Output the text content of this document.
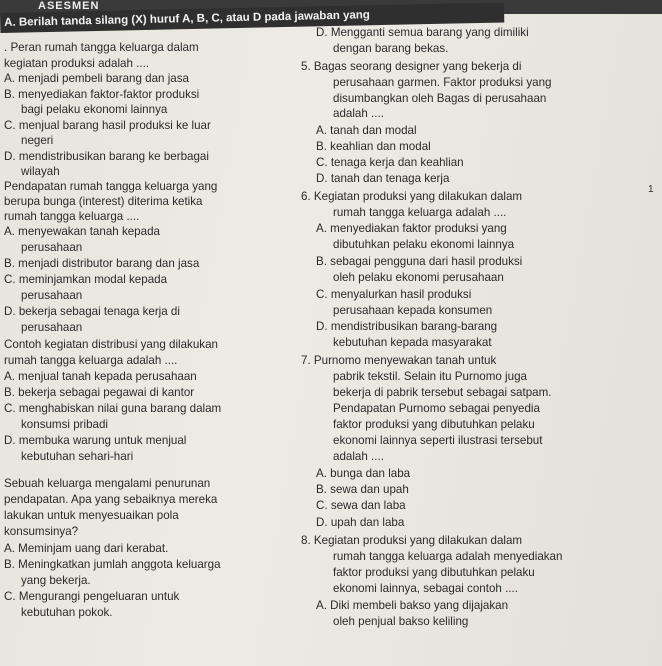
ASESMEN
A. Berilah tanda silang (X) huruf A, B, C, atau D pada jawaban yang
. Peran rumah tangga keluarga dalam
kegiatan produksi adalah ....
A. menjadi pembeli barang dan jasa
B. menyediakan faktor-faktor produksi
bagi pelaku ekonomi lainnya
C. menjual barang hasil produksi ke luar
negeri
D. mendistribusikan barang ke berbagai
wilayah
Pendapatan rumah tangga keluarga yang
berupa bunga (interest) diterima ketika
rumah tangga keluarga ....
A. menyewakan tanah kepada
perusahaan
B. menjadi distributor barang dan jasa
C. meminjamkan modal kepada
perusahaan
D. bekerja sebagai tenaga kerja di
perusahaan
Contoh kegiatan distribusi yang dilakukan
rumah tangga keluarga adalah ....
A. menjual tanah kepada perusahaan
B. bekerja sebagai pegawai di kantor
C. menghabiskan nilai guna barang dalam
konsumsi pribadi
D. membuka warung untuk menjual
kebutuhan sehari-hari
Sebuah keluarga mengalami penurunan
pendapatan. Apa yang sebaiknya mereka
lakukan untuk menyesuaikan pola
konsumsinya?
A. Meminjam uang dari kerabat.
B. Meningkatkan jumlah anggota keluarga
yang bekerja.
C. Mengurangi pengeluaran untuk
kebutuhan pokok.
D. Mengganti semua barang yang dimiliki
dengan barang bekas.
5. Bagas seorang designer yang bekerja di
perusahaan garmen. Faktor produksi yang
disumbangkan oleh Bagas di perusahaan
adalah ....
A. tanah dan modal
B. keahlian dan modal
C. tenaga kerja dan keahlian
D. tanah dan tenaga kerja
6. Kegiatan produksi yang dilakukan dalam
rumah tangga keluarga adalah ....
A. menyediakan faktor produksi yang
dibutuhkan pelaku ekonomi lainnya
B. sebagai pengguna dari hasil produksi
oleh pelaku ekonomi perusahaan
C. menyalurkan hasil produksi
perusahaan kepada konsumen
D. mendistribusikan barang-barang
kebutuhan kepada masyarakat
7. Purnomo menyewakan tanah untuk
pabrik tekstil. Selain itu Purnomo juga
bekerja di pabrik tersebut sebagai satpam.
Pendapatan Purnomo sebagai penyedia
faktor produksi yang dibutuhkan pelaku
ekonomi lainnya seperti ilustrasi tersebut
adalah ....
A. bunga dan laba
B. sewa dan upah
C. sewa dan laba
D. upah dan laba
8. Kegiatan produksi yang dilakukan dalam
rumah tangga keluarga adalah menyediakan
faktor produksi yang dibutuhkan pelaku
ekonomi lainnya, sebagai contoh ....
A. Diki membeli bakso yang dijajakan
oleh penjual bakso keliling
1
